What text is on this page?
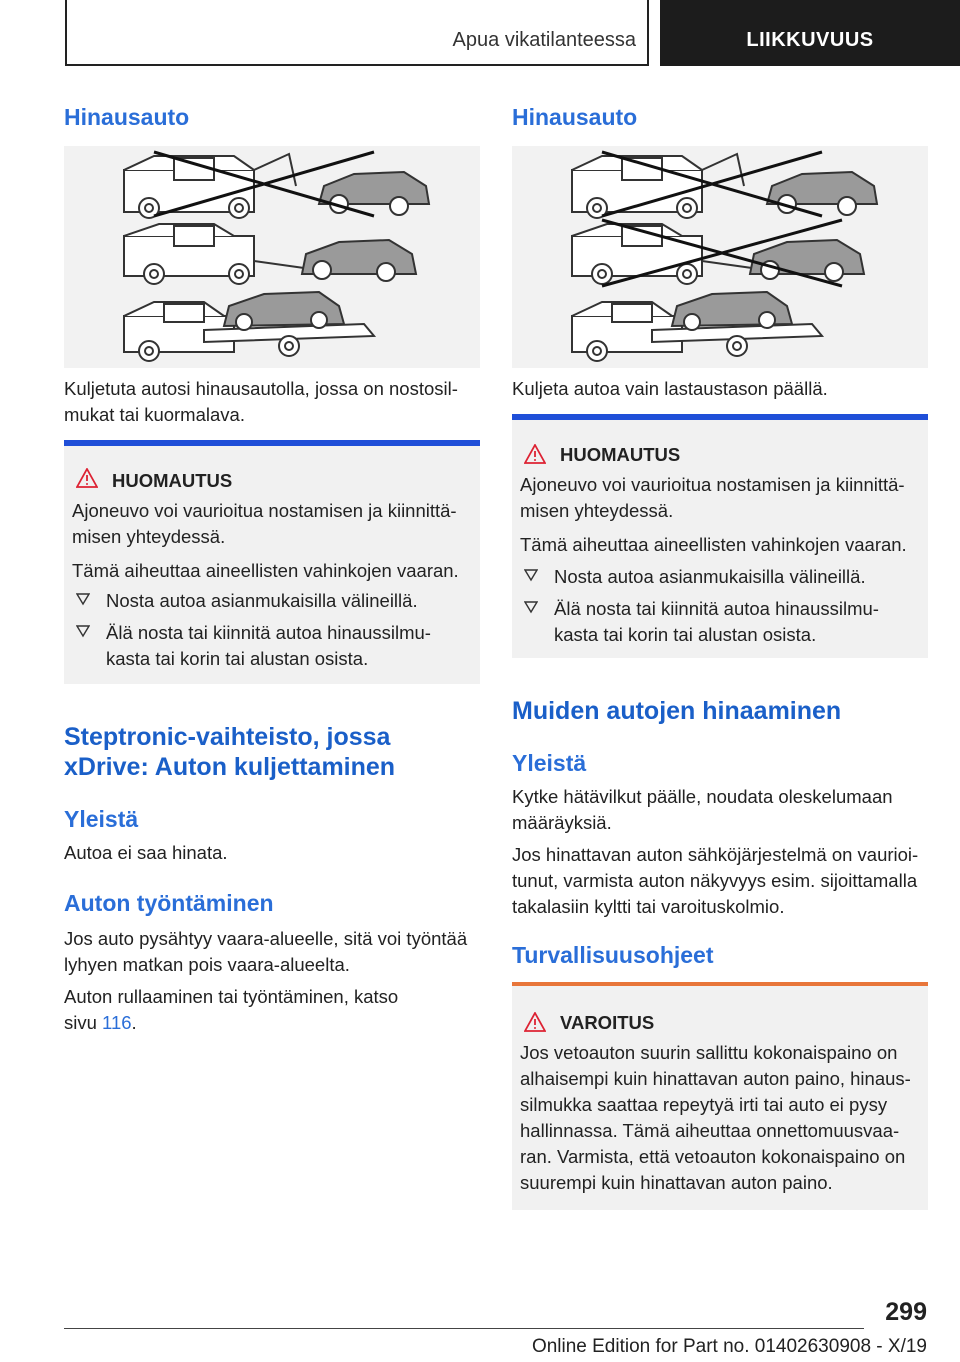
Apua vikatilanteessa	LIIKKUVUUS
Hinausauto
Kuljetuta autosi hinausautolla, jossa on nostosil-
mukat tai kuormalava.
HUOMAUTUS
Ajoneuvo voi vaurioitua nostamisen ja kiinnittä-
misen yhteydessä.
Tämä aiheuttaa aineellisten vahinkojen vaaran.
Nosta autoa asianmukaisilla välineillä.
Älä nosta tai kiinnitä autoa hinaussilmu-
kasta tai korin tai alustan osista.
Steptronic-vaihteisto, jossa
xDrive: Auton kuljettaminen
Yleistä
Autoa ei saa hinata.
Auton työntäminen
Jos auto pysähtyy vaara-alueelle, sitä voi työntää
lyhyen matkan pois vaara-alueelta.
Auton rullaaminen tai työntäminen, katso
sivu 116.
Hinausauto
Kuljeta autoa vain lastaustason päällä.
HUOMAUTUS
Ajoneuvo voi vaurioitua nostamisen ja kiinnittä-
misen yhteydessä.
Tämä aiheuttaa aineellisten vahinkojen vaaran.
Nosta autoa asianmukaisilla välineillä.
Älä nosta tai kiinnitä autoa hinaussilmu-
kasta tai korin tai alustan osista.
Muiden autojen hinaaminen
Yleistä
Kytke hätävilkut päälle, noudata oleskelumaan
määräyksiä.
Jos hinattavan auton sähköjärjestelmä on vaurioi-
tunut, varmista auton näkyvyys esim. sijoittamalla
takalasiin kyltti tai varoituskolmio.
Turvallisuusohjeet
VAROITUS
Jos vetoauton suurin sallittu kokonaispaino on
alhaisempi kuin hinattavan auton paino, hinaus-
silmukka saattaa repeytyä irti tai auto ei pysy
hallinnassa. Tämä aiheuttaa onnettomuusvaa-
ran. Varmista, että vetoauton kokonaispaino on
suurempi kuin hinattavan auton paino.
299
Online Edition for Part no. 01402630908 - X/19
